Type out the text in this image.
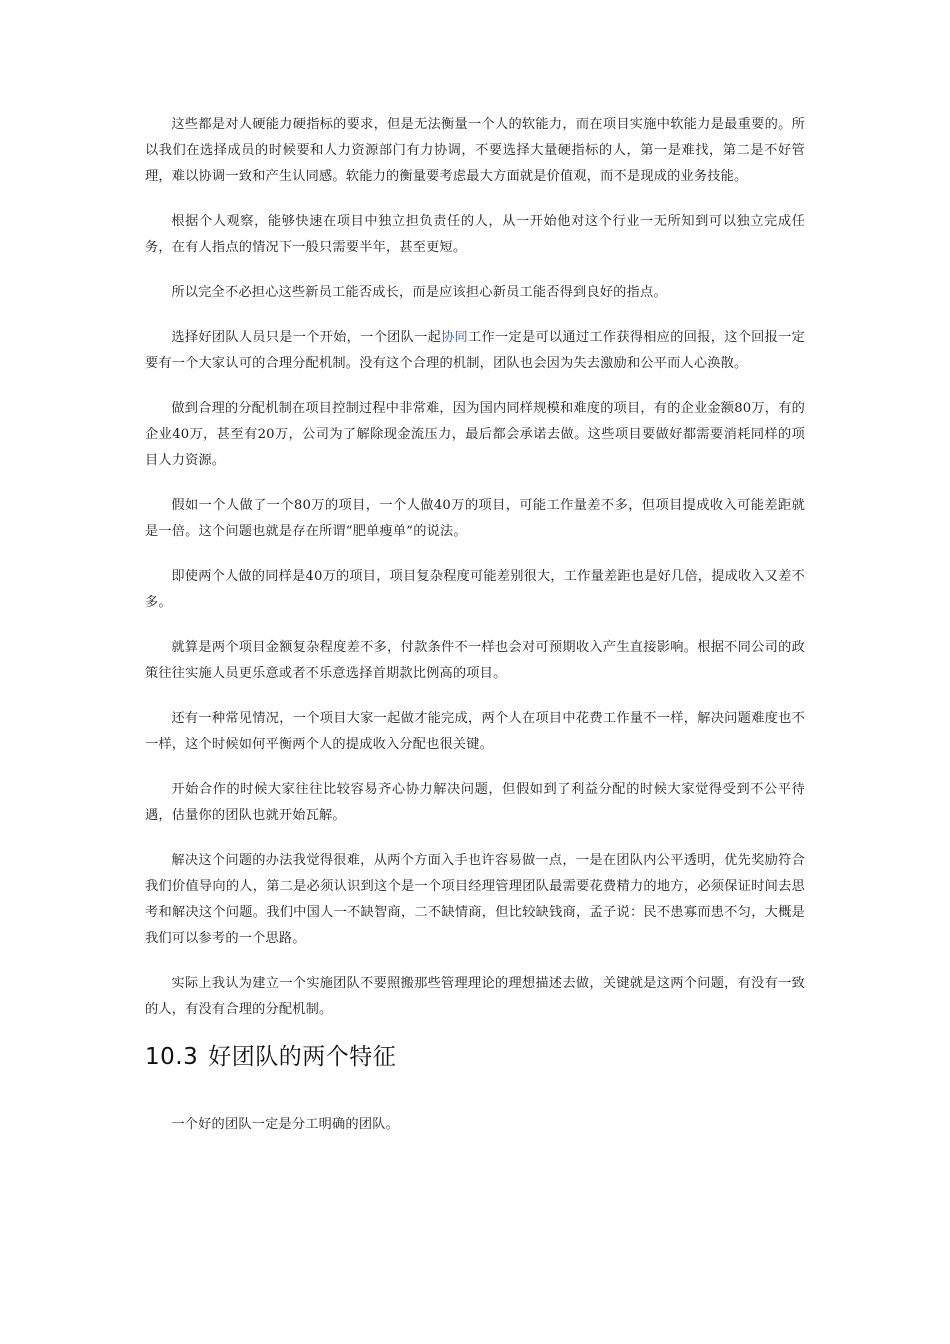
这些都是对人硬能力硬指标的要求，但是无法衡量一个人的软能力，而在项目实施中软能力是最重要的。所以我们在选择成员的时候要和人力资源部门有力协调，不要选择大量硬指标的人，第一是难找，第二是不好管理，难以协调一致和产生认同感。软能力的衡量要考虑最大方面就是价值观，而不是现成的业务技能。

根据个人观察，能够快速在项目中独立担负责任的人，从一开始他对这个行业一无所知到可以独立完成任务，在有人指点的情况下一般只需要半年，甚至更短。

所以完全不必担心这些新员工能否成长，而是应该担心新员工能否得到良好的指点。

选择好团队人员只是一个开始，一个团队一起协同工作一定是可以通过工作获得相应的回报，这个回报一定要有一个大家认可的合理分配机制。没有这个合理的机制，团队也会因为失去激励和公平而人心涣散。

做到合理的分配机制在项目控制过程中非常难，因为国内同样规模和难度的项目，有的企业金额80万，有的企业40万，甚至有20万，公司为了解除现金流压力，最后都会承诺去做。这些项目要做好都需要消耗同样的项目人力资源。

假如一个人做了一个80万的项目，一个人做40万的项目，可能工作量差不多，但项目提成收入可能差距就是一倍。这个问题也就是存在所谓“肥单瘦单”的说法。

即使两个人做的同样是40万的项目，项目复杂程度可能差别很大，工作量差距也是好几倍，提成收入又差不多。

就算是两个项目金额复杂程度差不多，付款条件不一样也会对可预期收入产生直接影响。根据不同公司的政策往往实施人员更乐意或者不乐意选择首期款比例高的项目。

还有一种常见情况，一个项目大家一起做才能完成，两个人在项目中花费工作量不一样，解决问题难度也不一样，这个时候如何平衡两个人的提成收入分配也很关键。

开始合作的时候大家往往比较容易齐心协力解决问题，但假如到了利益分配的时候大家觉得受到不公平待遇，估量你的团队也就开始瓦解。

解决这个问题的办法我觉得很难，从两个方面入手也许容易做一点，一是在团队内公平透明，优先奖励符合我们价值导向的人，第二是必须认识到这个是一个项目经理管理团队最需要花费精力的地方，必须保证时间去思考和解决这个问题。我们中国人一不缺智商，二不缺情商，但比较缺钱商，孟子说：民不患寡而患不匀，大概是我们可以参考的一个思路。

实际上我认为建立一个实施团队不要照搬那些管理理论的理想描述去做，关键就是这两个问题，有没有一致的人，有没有合理的分配机制。

10.3 好团队的两个特征

一个好的团队一定是分工明确的团队。
